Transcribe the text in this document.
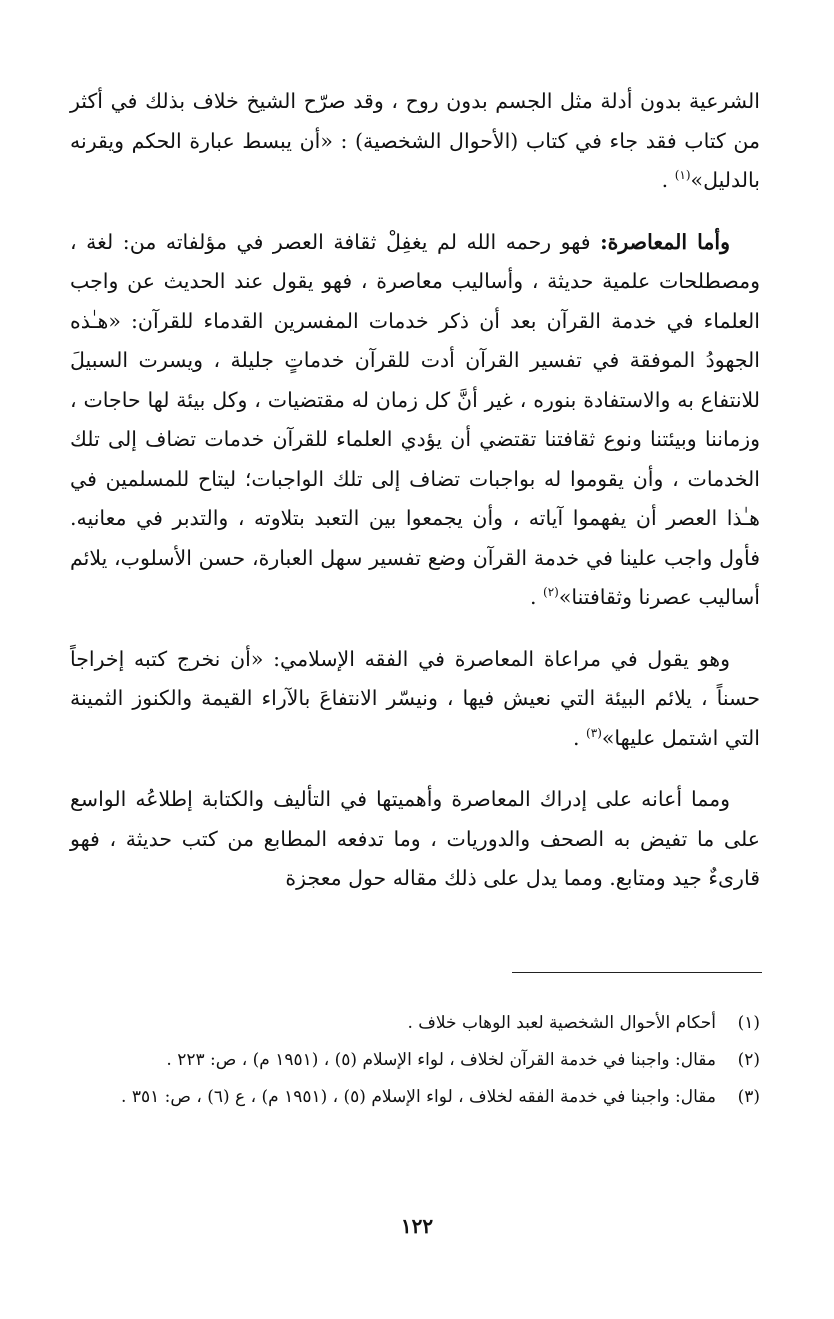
الشرعية بدون أدلة مثل الجسم بدون روح ، وقد صرّح الشيخ خلاف بذلك في أكثر من كتاب فقد جاء في كتاب (الأحوال الشخصية) : «أن يبسط عبارة الحكم ويقرنه بالدليل»$^{(١)}$ .

وأما المعاصرة: فهو رحمه الله لم يغفِلْ ثقافة العصر في مؤلفاته من: لغة ، ومصطلحات علمية حديثة ، وأساليب معاصرة ، فهو يقول عند الحديث عن واجب العلماء في خدمة القرآن بعد أن ذكر خدمات المفسرين القدماء للقرآن: «هـٰذه الجهودُ الموفقة في تفسير القرآن أدت للقرآن خدماتٍ جليلة ، ويسرت السبيلَ للانتفاع به والاستفادة بنوره ، غير أنَّ كل زمان له مقتضيات ، وكل بيئة لها حاجات ، وزماننا وبيئتنا ونوع ثقافتنا تقتضي أن يؤدي العلماء للقرآن خدمات تضاف إلى تلك الخدمات ، وأن يقوموا له بواجبات تضاف إلى تلك الواجبات؛ ليتاح للمسلمين في هـٰذا العصر أن يفهموا آياته ، وأن يجمعوا بين التعبد بتلاوته ، والتدبر في معانيه. فأول واجب علينا في خدمة القرآن وضع تفسير سهل العبارة، حسن الأسلوب، يلائم أساليب عصرنا وثقافتنا»$^{(٢)}$ .

وهو يقول في مراعاة المعاصرة في الفقه الإسلامي: «أن نخرج كتبه إخراجاً حسناً ، يلائم البيئة التي نعيش فيها ، ونيسّر الانتفاعَ بالآراء القيمة والكنوز الثمينة التي اشتمل عليها»$^{(٣)}$ .

ومما أعانه على إدراك المعاصرة وأهميتها في التأليف والكتابة إطلاعُه الواسع على ما تفيض به الصحف والدوريات ، وما تدفعه المطابع من كتب حديثة ، فهو قارىءٌ جيد ومتابع. ومما يدل على ذلك مقاله حول معجزة

(١)
أحكام الأحوال الشخصية لعبد الوهاب خلاف .
(٢)
مقال: واجبنا في خدمة القرآن لخلاف ، لواء الإسلام (٥) ، (١٩٥١ م) ، ص: ٢٢٣ .
(٣)
مقال: واجبنا في خدمة الفقه لخلاف ، لواء الإسلام (٥) ، (١٩٥١ م) ، ع (٦) ، ص: ٣٥١ .
١٢٢
